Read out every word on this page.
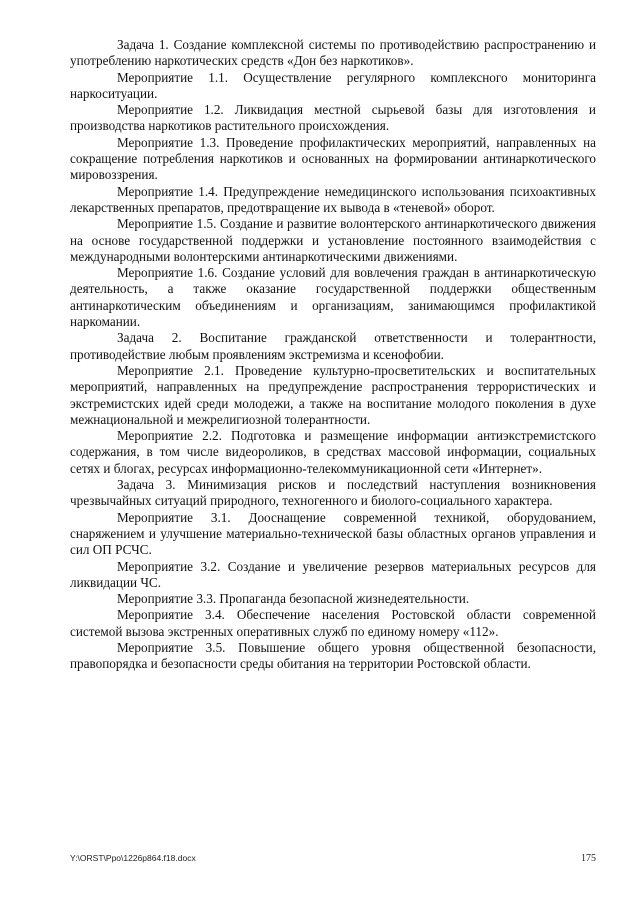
Задача 1. Создание комплексной системы по противодействию распространению и употреблению наркотических средств «Дон без наркотиков».

Мероприятие 1.1. Осуществление регулярного комплексного мониторинга наркоситуации.

Мероприятие 1.2. Ликвидация местной сырьевой базы для изготовления и производства наркотиков растительного происхождения.

Мероприятие 1.3. Проведение профилактических мероприятий, направленных на сокращение потребления наркотиков и основанных на формировании антинаркотического мировоззрения.

Мероприятие 1.4. Предупреждение немедицинского использования психоактивных лекарственных препаратов, предотвращение их вывода в «теневой» оборот.

Мероприятие 1.5. Создание и развитие волонтерского антинаркотического движения на основе государственной поддержки и установление постоянного взаимодействия с международными волонтерскими антинаркотическими движениями.

Мероприятие 1.6. Создание условий для вовлечения граждан в антинаркотическую деятельность, а также оказание государственной поддержки общественным антинаркотическим объединениям и организациям, занимающимся профилактикой наркомании.

Задача 2. Воспитание гражданской ответственности и толерантности, противодействие любым проявлениям экстремизма и ксенофобии.

Мероприятие 2.1. Проведение культурно-просветительских и воспитательных мероприятий, направленных на предупреждение распространения террористических и экстремистских идей среди молодежи, а также на воспитание молодого поколения в духе межнациональной и межрелигиозной толерантности.

Мероприятие 2.2. Подготовка и размещение информации антиэкстремистского содержания, в том числе видеороликов, в средствах массовой информации, социальных сетях и блогах, ресурсах информационно-телекоммуникационной сети «Интернет».

Задача 3. Минимизация рисков и последствий наступления возникновения чрезвычайных ситуаций природного, техногенного и биолого-социального характера.

Мероприятие 3.1. Дооснащение современной техникой, оборудованием, снаряжением и улучшение материально-технической базы областных органов управления и сил ОП РСЧС.

Мероприятие 3.2. Создание и увеличение резервов материальных ресурсов для ликвидации ЧС.

Мероприятие 3.3. Пропаганда безопасной жизнедеятельности.

Мероприятие 3.4. Обеспечение населения Ростовской области современной системой вызова экстренных оперативных служб по единому номеру «112».

Мероприятие 3.5. Повышение общего уровня общественной безопасности, правопорядка и безопасности среды обитания на территории Ростовской области.

Y:\ORST\Ppo\1226p864.f18.docx	175
